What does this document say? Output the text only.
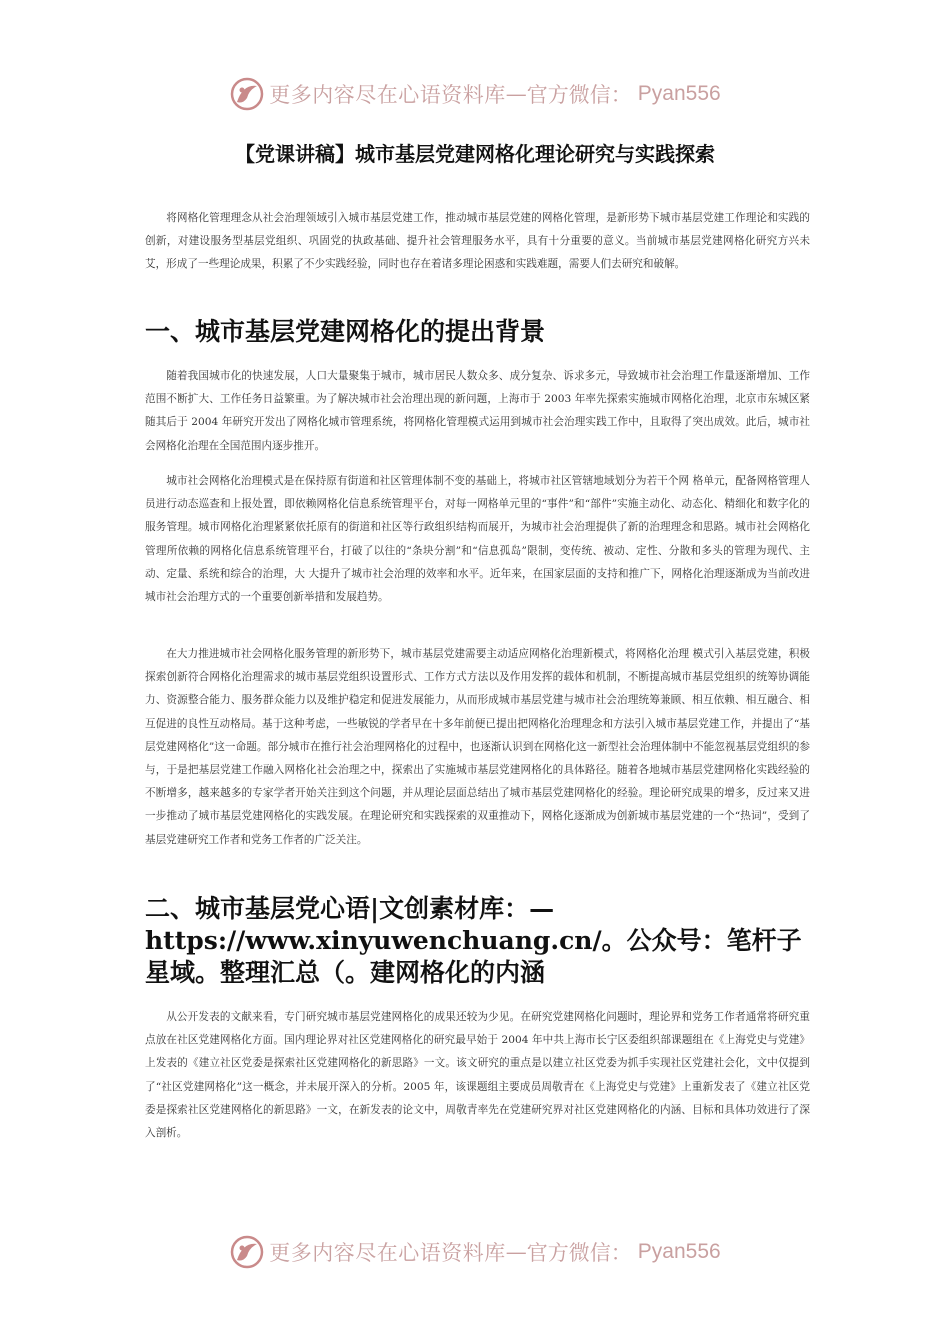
更多内容尽在心语资料库 — 官方微信： Pyan556
【党课讲稿】城市基层党建网格化理论研究与实践探索

将网格化管理理念从社会治理领域引入城市基层党建工作，推动城市基层党建的网格化管理，是新形势下城市基层党建工作理论和实践的创新，对建设服务型基层党组织、巩固党的执政基础、提升社会管理服务水平，具有十分重要的意义。当前城市基层党建网格化研究方兴未艾，形成了一些理论成果，积累了不少实践经验，同时也存在着诸多理论困惑和实践难题，需要人们去研究和破解。

一、城市基层党建网格化的提出背景

随着我国城市化的快速发展，人口大量聚集于城市，城市居民人数众多、成分复杂、诉求多元，导致城市社会治理工作量逐渐增加、工作范围不断扩大、工作任务日益繁重。为了解决城市社会治理出现的新问题，上海市于 2003 年率先探索实施城市网格化治理，北京市东城区紧随其后于 2004 年研究开发出了网格化城市管理系统，将网格化管理模式运用到城市社会治理实践工作中，且取得了突出成效。此后，城市社会网格化治理在全国范围内逐步推开。

城市社会网格化治理模式是在保持原有街道和社区管理体制不变的基础上，将城市社区管辖地域划分为若干个网 格单元，配备网格管理人员进行动态巡查和上报处置，即依赖网格化信息系统管理平台，对每一网格单元里的“事件”和“部件”实施主动化、动态化、精细化和数字化的服务管理。城市网格化治理紧紧依托原有的街道和社区等行政组织结构而展开，为城市社会治理提供了新的治理理念和思路。城市社会网格化管理所依赖的网格化信息系统管理平台，打破了以往的“条块分割”和“信息孤岛”限制，变传统、被动、定性、分散和多头的管理为现代、主动、定量、系统和综合的治理，大 大提升了城市社会治理的效率和水平。近年来，在国家层面的支持和推广下，网格化治理逐渐成为当前改进城市社会治理方式的一个重要创新举措和发展趋势。

在大力推进城市社会网格化服务管理的新形势下，城市基层党建需要主动适应网格化治理新模式，将网格化治理 模式引入基层党建，积极探索创新符合网格化治理需求的城市基层党组织设置形式、工作方式方法以及作用发挥的载体和机制，不断提高城市基层党组织的统筹协调能力、资源整合能力、服务群众能力以及维护稳定和促进发展能力，从而形成城市基层党建与城市社会治理统筹兼顾、相互依赖、相互融合、相互促进的良性互动格局。基于这种考虑，一些敏锐的学者早在十多年前便已提出把网格化治理理念和方法引入城市基层党建工作，并提出了“基层党建网格化”这一命题。部分城市在推行社会治理网格化的过程中，也逐渐认识到在网格化这一新型社会治理体制中不能忽视基层党组织的参 与，于是把基层党建工作融入网格化社会治理之中，探索出了实施城市基层党建网格化的具体路径。随着各地城市基层党建网格化实践经验的不断增多，越来越多的专家学者开始关注到这个问题，并从理论层面总结出了城市基层党建网格化的经验。理论研究成果的增多，反过来又进一步推动了城市基层党建网格化的实践发展。在理论研究和实践探索的双重推动下，网格化逐渐成为创新城市基层党建的一个“热词”，受到了基层党建研究工作者和党务工作者的广泛关注。

二、城市基层党心语|文创素材库：—https://www.xinyuwenchuang.cn/。公众号：笔杆子星域。整理汇总（。建网格化的内涵

从公开发表的文献来看，专门研究城市基层党建网格化的成果还较为少见。在研究党建网格化问题时，理论界和党务工作者通常将研究重点放在社区党建网格化方面。国内理论界对社区党建网格化的研究最早始于 2004 年中共上海市长宁区委组织部课题组在《上海党史与党建》上发表的《建立社区党委是探索社区党建网格化的新思路》一文。该文研究的重点是以建立社区党委为抓手实现社区党建社会化，文中仅提到了“社区党建网格化”这一概念，并未展开深入的分析。2005 年，该课题组主要成员周敬青在《上海党史与党建》上重新发表了《建立社区党委是探索社区党建网格化的新思路》一文，在新发表的论文中，周敬青率先在党建研究界对社区党建网格化的内涵、目标和具体功效进行了深入剖析。

更多内容尽在心语资料库 — 官方微信： Pyan556
